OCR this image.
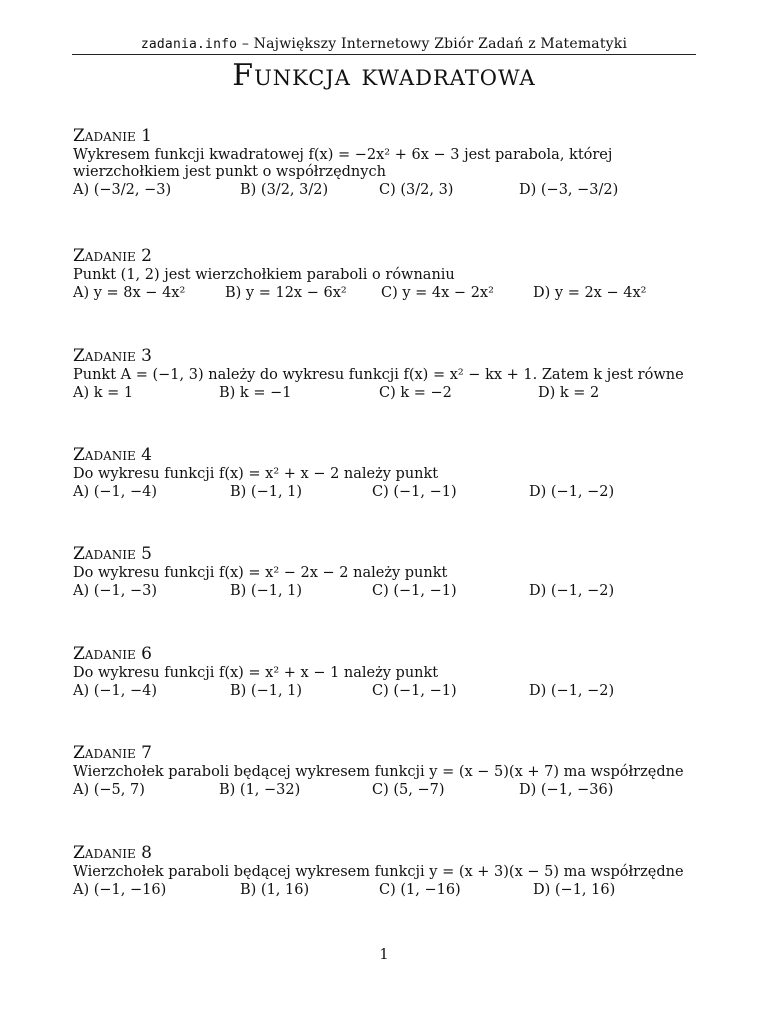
zadania.info – Największy Internetowy Zbiór Zadań z Matematyki
Funkcja kwadratowa
Zadanie 1

Wykresem funkcji kwadratowej f(x) = −2x² + 6x − 3 jest parabola, której wierzchołkiem jest punkt o współrzędnych

A) (−3/2, −3)	B) (3/2, 3/2)	C) (3/2, 3)	D) (−3, −3/2)
Zadanie 2

Punkt (1, 2) jest wierzchołkiem paraboli o równaniu

A) y = 8x − 4x²	B) y = 12x − 6x² C) y = 4x − 2x²	D) y = 2x − 4x²
Zadanie 3

Punkt A = (−1, 3) należy do wykresu funkcji f(x) = x² − kx + 1. Zatem k jest równe

A) k = 1	B) k = −1	C) k = −2	D) k = 2
Zadanie 4

Do wykresu funkcji f(x) = x² + x − 2 należy punkt

A) (−1, −4)	B) (−1, 1)	C) (−1, −1)	D) (−1, −2)
Zadanie 5

Do wykresu funkcji f(x) = x² − 2x − 2 należy punkt

A) (−1, −3)	B) (−1, 1)	C) (−1, −1)	D) (−1, −2)
Zadanie 6

Do wykresu funkcji f(x) = x² + x − 1 należy punkt

A) (−1, −4)	B) (−1, 1)	C) (−1, −1)	D) (−1, −2)
Zadanie 7

Wierzchołek paraboli będącej wykresem funkcji y = (x − 5)(x + 7) ma współrzędne

A) (−5, 7)	B) (1, −32)	C) (5, −7)	D) (−1, −36)
Zadanie 8

Wierzchołek paraboli będącej wykresem funkcji y = (x + 3)(x − 5) ma współrzędne

A) (−1, −16)	B) (1, 16)	C) (1, −16)	D) (−1, 16)
1
